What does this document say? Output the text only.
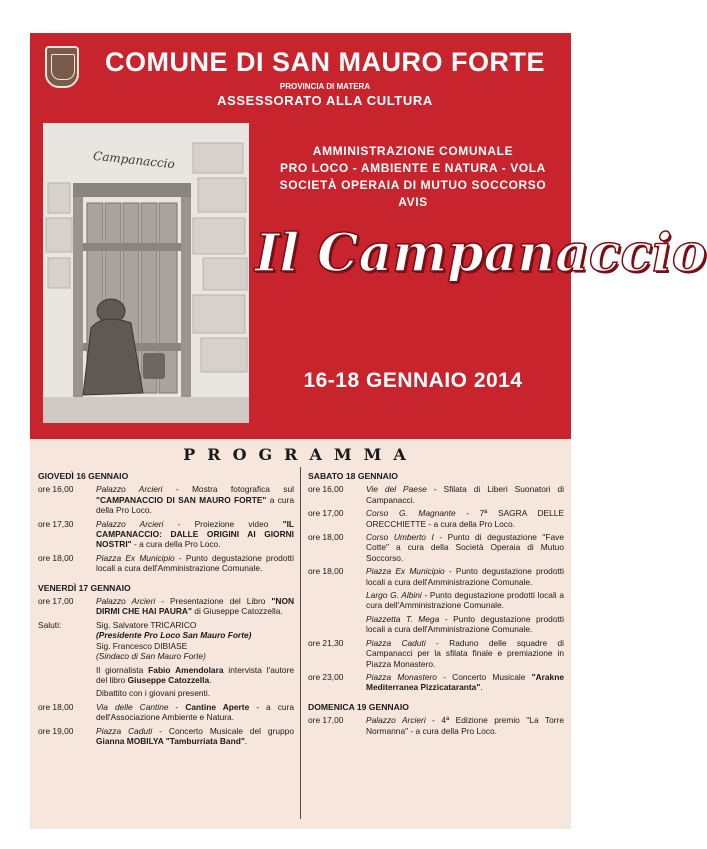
COMUNE DI SAN MAURO FORTE
PROVINCIA DI MATERA
ASSESSORATO ALLA CULTURA
Campanaccio	AMMINISTRAZIONE COMUNALE
PRO LOCO - AMBIENTE E NATURA - VOLA
SOCIETÀ OPERAIA DI MUTUO SOCCORSO
AVIS
Il Campanaccio
16-18 GENNAIO 2014
PROGRAMMA
GIOVEDÌ 16 GENNAIO
ore 16,00	Palazzo Arcieri - Mostra fotografica sul "CAMPANACCIO DI SAN MAURO FORTE" a cura della Pro Loco.
ore 17,30	Palazzo Arcieri - Proiezione video "IL CAMPANACCIO: DALLE ORIGINI AI GIORNI NOSTRI" - a cura della Pro Loco.
ore 18,00	Piazza Ex Municipio - Punto degustazione prodotti locali a cura dell'Amministrazione Comunale.
VENERDÌ 17 GENNAIO
ore 17,00	Palazzo Arcieri - Presentazione del Libro "NON DIRMI CHE HAI PAURA" di Giuseppe Catozzella.
Saluti:	Sig. Salvatore TRICARICO
(Presidente Pro Loco San Mauro Forte)
Sig. Francesco DIBIASE
(Sindaco di San Mauro Forte)
Il giornalista Fabio Amendolara intervista l'autore del libro Giuseppe Catozzella.
Dibattito con i giovani presenti.
ore 18,00	Via delle Cantine - Cantine Aperte - a cura dell'Associazione Ambiente e Natura.
ore 19,00	Piazza Caduti - Concerto Musicale del gruppo Gianna MOBILYA "Tamburriata Band".
SABATO 18 GENNAIO
ore 16,00	Vie del Paese - Sfilata di Liberi Suonatori di Campanacci.
ore 17,00	Corso G. Magnante - 7ª SAGRA DELLE ORECCHIETTE - a cura della Pro Loco.
ore 18,00	Corso Umberto I - Punto di degustazione "Fave Cotte" a cura della Società Operaia di Mutuo Soccorso.
ore 18,00	Piazza Ex Municipio - Punto degustazione prodotti locali a cura dell'Amministrazione Comunale.
Largo G. Albini - Punto degustazione prodotti locali a cura dell'Amministrazione Comunale.
Piazzetta T. Mega - Punto degustazione prodotti locali a cura dell'Amministrazione Comunale.
ore 21,30	Piazza Caduti - Raduno delle squadre di Campanacci per la sfilata finale e premiazione in Piazza Monastero.
ore 23,00	Piazza Monastero - Concerto Musicale "Arakne Mediterranea Pizzicataranta".
DOMENICA 19 GENNAIO
ore 17,00	Palazzo Arcieri - 4ª Edizione premio "La Torre Normanna" - a cura della Pro Loco.
